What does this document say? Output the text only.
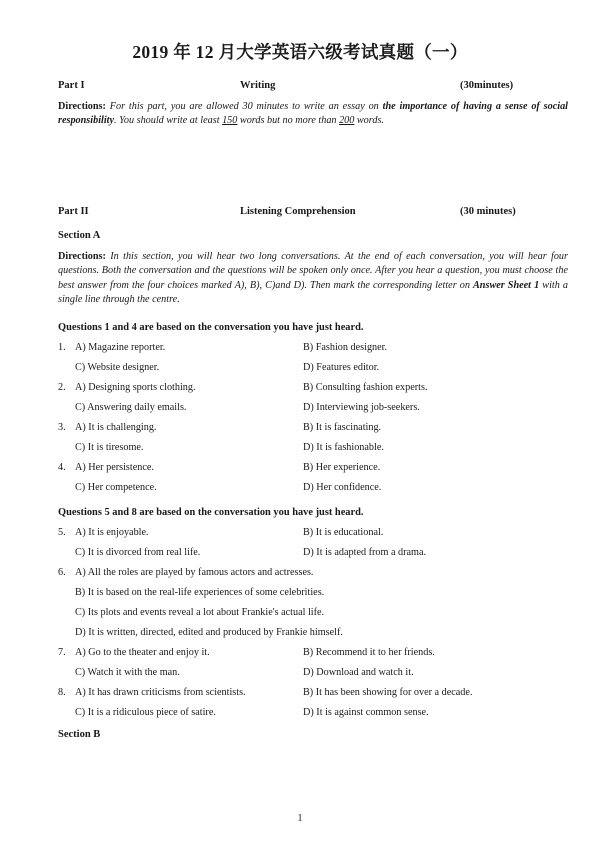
2019 年 12 月大学英语六级考试真题（一）
Part I	Writing	(30minutes)
Directions: For this part, you are allowed 30 minutes to write an essay on the importance of having a sense of social responsibility. You should write at least 150 words but no more than 200 words.
Part II	Listening Comprehension	(30 minutes)
Section A
Directions: In this section, you will hear two long conversations. At the end of each conversation, you will hear four questions. Both the conversation and the questions will be spoken only once. After you hear a question, you must choose the best answer from the four choices marked A), B), C)and D). Then mark the corresponding letter on Answer Sheet 1 with a single line through the centre.
Questions 1 and 4 are based on the conversation you have just heard.
1. A) Magazine reporter.	B) Fashion designer.
C) Website designer.	D) Features editor.
2. A) Designing sports clothing.	B) Consulting fashion experts.
C) Answering daily emails.	D) Interviewing job-seekers.
3. A) It is challenging.	B) It is fascinating.
C) It is tiresome.	D) It is fashionable.
4. A) Her persistence.	B) Her experience.
C) Her competence.	D) Her confidence.
Questions 5 and 8 are based on the conversation you have just heard.
5. A) It is enjoyable.	B) It is educational.
C) It is divorced from real life.	D) It is adapted from a drama.
6. A) All the roles are played by famous actors and actresses.
B) It is based on the real-life experiences of some celebrities.
C) Its plots and events reveal a lot about Frankie's actual life.
D) It is written, directed, edited and produced by Frankie himself.
7. A) Go to the theater and enjoy it.	B) Recommend it to her friends.
C) Watch it with the man.	D) Download and watch it.
8. A) It has drawn criticisms from scientists.	B) It has been showing for over a decade.
C) It is a ridiculous piece of satire.	D) It is against common sense.
Section B
1
